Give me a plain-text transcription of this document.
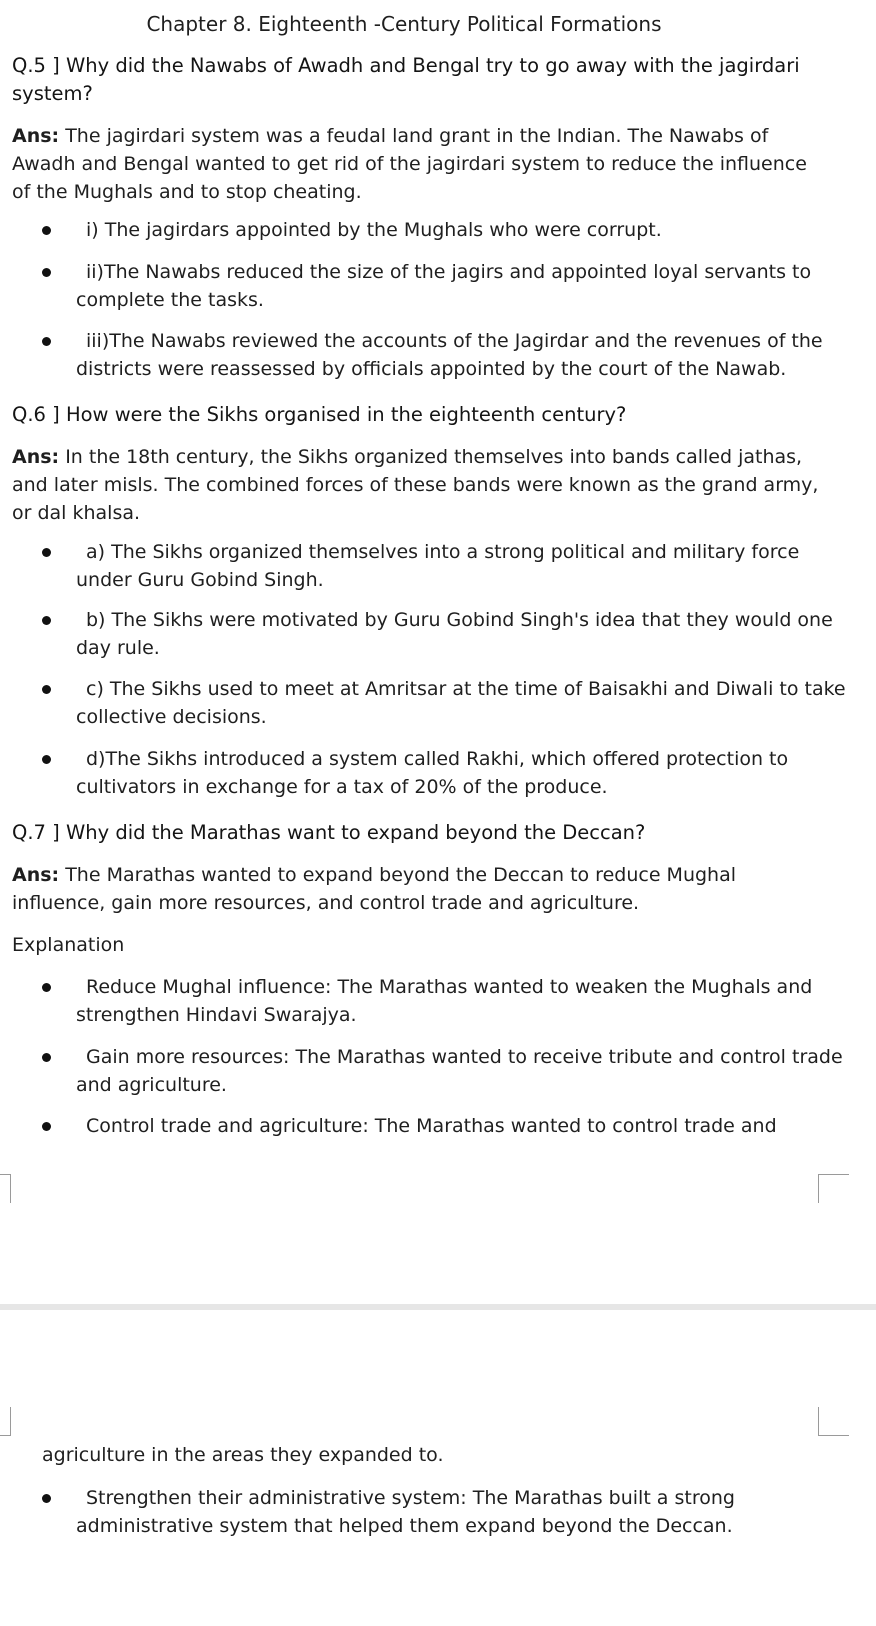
Chapter 8. Eighteenth -Century Political Formations
Q.5 ] Why did the Nawabs of Awadh and Bengal try to go away with the jagirdari system?
Ans: The jagirdari system was a feudal land grant in the Indian. The Nawabs of Awadh and Bengal wanted to get rid of the jagirdari system to reduce the influence of the Mughals and to stop cheating.
i) The jagirdars appointed by the Mughals who were corrupt.
ii)The Nawabs reduced the size of the jagirs and appointed loyal servants to complete the tasks.
iii)The Nawabs reviewed the accounts of the Jagirdar and the revenues of the districts were reassessed by officials appointed by the court of the Nawab.
Q.6 ] How were the Sikhs organised in the eighteenth century?
Ans: In the 18th century, the Sikhs organized themselves into bands called jathas, and later misls. The combined forces of these bands were known as the grand army, or dal khalsa.
a) The Sikhs organized themselves into a strong political and military force under Guru Gobind Singh.
b) The Sikhs were motivated by Guru Gobind Singh's idea that they would one day rule.
c) The Sikhs used to meet at Amritsar at the time of Baisakhi and Diwali to take collective decisions.
d)The Sikhs introduced a system called Rakhi, which offered protection to cultivators in exchange for a tax of 20% of the produce.
Q.7 ] Why did the Marathas want to expand beyond the Deccan?
Ans: The Marathas wanted to expand beyond the Deccan to reduce Mughal influence, gain more resources, and control trade and agriculture.
Explanation
Reduce Mughal influence: The Marathas wanted to weaken the Mughals and strengthen Hindavi Swarajya.
Gain more resources: The Marathas wanted to receive tribute and control trade and agriculture.
Control trade and agriculture: The Marathas wanted to control trade and
agriculture in the areas they expanded to.
Strengthen their administrative system: The Marathas built a strong administrative system that helped them expand beyond the Deccan.
